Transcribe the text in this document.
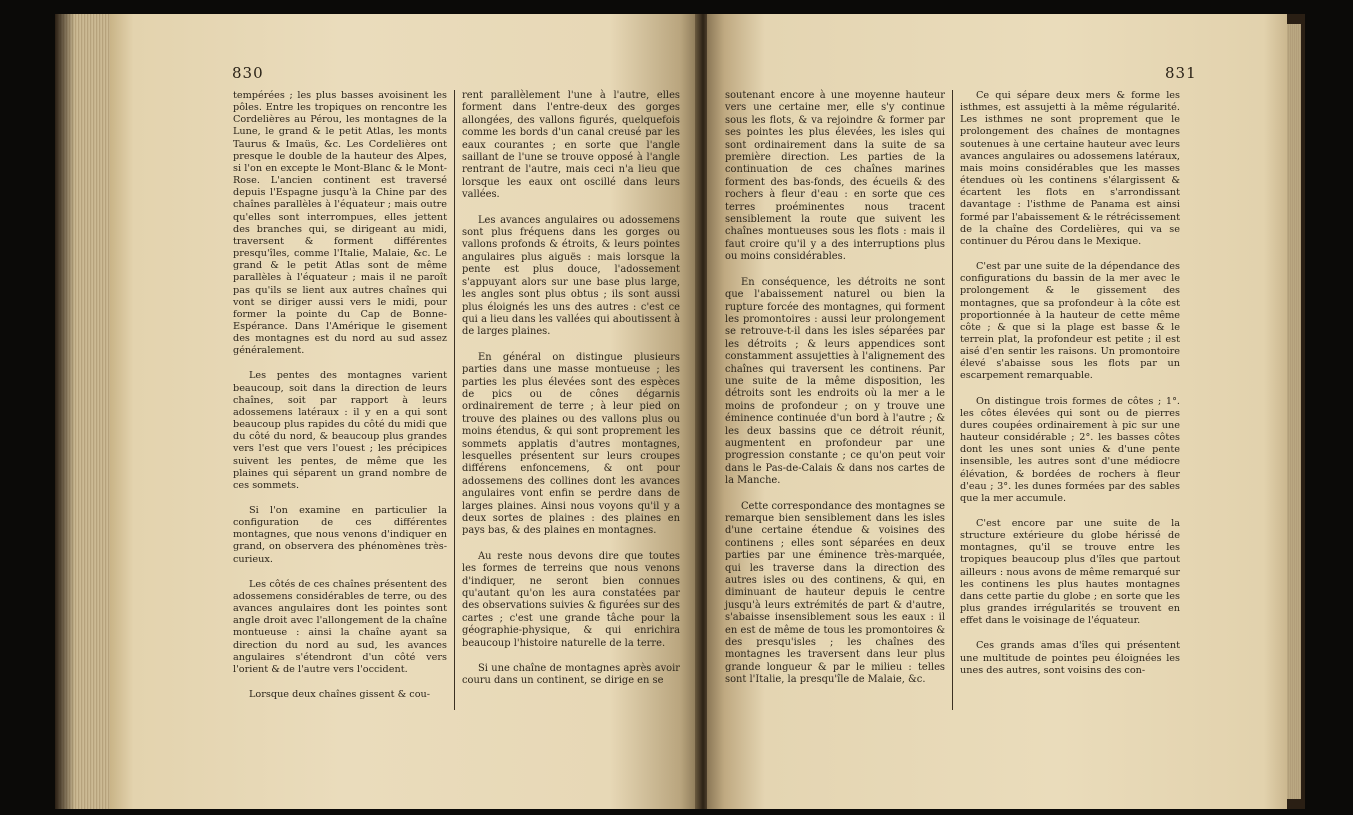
830

tempérées ; les plus basses avoisinent les pôles. Entre les tropiques on rencontre les Cordelières au Pérou, les montagnes de la Lune, le grand & le petit Atlas, les monts Taurus & Imaüs, &c. Les Cordelières ont presque le double de la hauteur des Alpes, si l'on en excepte le Mont-Blanc & le Mont-Rose. L'ancien continent est traversé depuis l'Espagne jusqu'à la Chine par des chaînes parallèles à l'équateur ; mais outre qu'elles sont interrompues, elles jettent des branches qui, se dirigeant au midi, traversent & forment différentes presqu'îles, comme l'Italie, Malaie, &c. Le grand & le petit Atlas sont de même parallèles à l'équateur ; mais il ne paroît pas qu'ils se lient aux autres chaînes qui vont se diriger aussi vers le midi, pour former la pointe du Cap de Bonne-Espérance. Dans l'Amérique le gisement des montagnes est du nord au sud assez généralement.

Les pentes des montagnes varient beaucoup, soit dans la direction de leurs chaînes, soit par rapport à leurs adossemens latéraux : il y en a qui sont beaucoup plus rapides du côté du midi que du côté du nord, & beaucoup plus grandes vers l'est que vers l'ouest ; les précipices suivent les pentes, de même que les plaines qui séparent un grand nombre de ces sommets.

Si l'on examine en particulier la configuration de ces différentes montagnes, que nous venons d'indiquer en grand, on observera des phénomènes très-curieux.

Les côtés de ces chaînes présentent des adossemens considérables de terre, ou des avances angulaires dont les pointes sont angle droit avec l'allongement de la chaîne montueuse : ainsi la chaîne ayant sa direction du nord au sud, les avances angulaires s'étendront d'un côté vers l'orient & de l'autre vers l'occident.

Lorsque deux chaînes gissent & cou-

rent parallèlement l'une à l'autre, elles forment dans l'entre-deux des gorges allongées, des vallons figurés, quelquefois comme les bords d'un canal creusé par les eaux courantes ; en sorte que l'angle saillant de l'une se trouve opposé à l'angle rentrant de l'autre, mais ceci n'a lieu que lorsque les eaux ont oscillé dans leurs vallées.

Les avances angulaires ou adossemens sont plus fréquens dans les gorges ou vallons profonds & étroits, & leurs pointes angulaires plus aiguës : mais lorsque la pente est plus douce, l'adossement s'appuyant alors sur une base plus large, les angles sont plus obtus ; ils sont aussi plus éloignés les uns des autres : c'est ce qui a lieu dans les vallées qui aboutissent à de larges plaines.

En général on distingue plusieurs parties dans une masse montueuse ; les parties les plus élevées sont des espèces de pics ou de cônes dégarnis ordinairement de terre ; à leur pied on trouve des plaines ou des vallons plus ou moins étendus, & qui sont proprement les sommets applatis d'autres montagnes, lesquelles présentent sur leurs croupes différens enfoncemens, & ont pour adossemens des collines dont les avances angulaires vont enfin se perdre dans de larges plaines. Ainsi nous voyons qu'il y a deux sortes de plaines : des plaines en pays bas, & des plaines en montagnes.

Au reste nous devons dire que toutes les formes de terreins que nous venons d'indiquer, ne seront bien connues qu'autant qu'on les aura constatées par des observations suivies & figurées sur des cartes ; c'est une grande tâche pour la géographie-physique, & qui enrichira beaucoup l'histoire naturelle de la terre.

Si une chaîne de montagnes après avoir couru dans un continent, se dirige en se

831

soutenant encore à une moyenne hauteur vers une certaine mer, elle s'y continue sous les flots, & va rejoindre & former par ses pointes les plus élevées, les isles qui sont ordinairement dans la suite de sa première direction. Les parties de la continuation de ces chaînes marines forment des bas-fonds, des écueils & des rochers à fleur d'eau : en sorte que ces terres proéminentes nous tracent sensiblement la route que suivent les chaînes montueuses sous les flots : mais il faut croire qu'il y a des interruptions plus ou moins considérables.

En conséquence, les détroits ne sont que l'abaissement naturel ou bien la rupture forcée des montagnes, qui forment les promontoires : aussi leur prolongement se retrouve-t-il dans les isles séparées par les détroits ; & leurs appendices sont constamment assujetties à l'alignement des chaînes qui traversent les continens. Par une suite de la même disposition, les détroits sont les endroits où la mer a le moins de profondeur ; on y trouve une éminence continuée d'un bord à l'autre ; & les deux bassins que ce détroit réunit, augmentent en profondeur par une progression constante ; ce qu'on peut voir dans le Pas-de-Calais & dans nos cartes de la Manche.

Cette correspondance des montagnes se remarque bien sensiblement dans les isles d'une certaine étendue & voisines des continens ; elles sont séparées en deux parties par une éminence très-marquée, qui les traverse dans la direction des autres isles ou des continens, & qui, en diminuant de hauteur depuis le centre jusqu'à leurs extrémités de part & d'autre, s'abaisse insensiblement sous les eaux : il en est de même de tous les promontoires & des presqu'isles ; les chaînes des montagnes les traversent dans leur plus grande longueur & par le milieu : telles sont l'Italie, la presqu'île de Malaie, &c.

Ce qui sépare deux mers & forme les isthmes, est assujetti à la même régularité. Les isthmes ne sont proprement que le prolongement des chaînes de montagnes soutenues à une certaine hauteur avec leurs avances angulaires ou adossemens latéraux, mais moins considérables que les masses étendues où les continens s'élargissent & écartent les flots en s'arrondissant davantage : l'isthme de Panama est ainsi formé par l'abaissement & le rétrécissement de la chaîne des Cordelières, qui va se continuer du Pérou dans le Mexique.

C'est par une suite de la dépendance des configurations du bassin de la mer avec le prolongement & le gissement des montagnes, que sa profondeur à la côte est proportionnée à la hauteur de cette même côte ; & que si la plage est basse & le terrein plat, la profondeur est petite ; il est aisé d'en sentir les raisons. Un promontoire élevé s'abaisse sous les flots par un escarpement remarquable.

On distingue trois formes de côtes ; 1°. les côtes élevées qui sont ou de pierres dures coupées ordinairement à pic sur une hauteur considérable ; 2°. les basses côtes dont les unes sont unies & d'une pente insensible, les autres sont d'une médiocre élévation, & bordées de rochers à fleur d'eau ; 3°. les dunes formées par des sables que la mer accumule.

C'est encore par une suite de la structure extérieure du globe hérissé de montagnes, qu'il se trouve entre les tropiques beaucoup plus d'îles que partout ailleurs : nous avons de même remarqué sur les continens les plus hautes montagnes dans cette partie du globe ; en sorte que les plus grandes irrégularités se trouvent en effet dans le voisinage de l'équateur.

Ces grands amas d'îles qui présentent une multitude de pointes peu éloignées les unes des autres, sont voisins des con-
